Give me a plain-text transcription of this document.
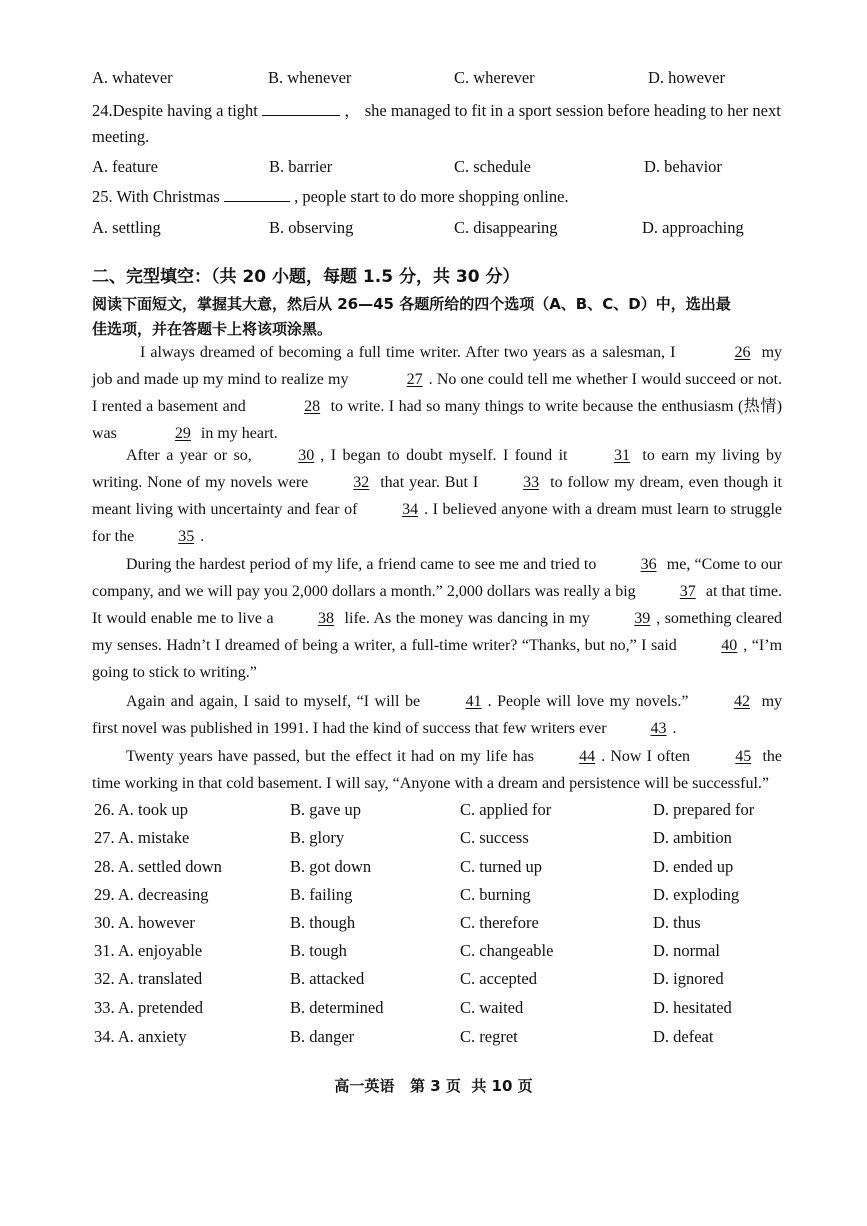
A. whatever	B. whenever	C. wherever	D. however
24.Despite having a tight	， she managed to fit in a sport session before heading to her next
meeting.
A. feature	B. barrier	C. schedule	D. behavior
25. With Christmas	, people start to do more shopping online.
A. settling	B. observing	C. disappearing	D. approaching
二、完型填空：（共 20 小题，每题 1.5 分，共 30 分）
阅读下面短文，掌握其大意，然后从 26—45 各题所给的四个选项（A、B、C、D）中，选出最
佳选项，并在答题卡上将该项涂黑。

I always dreamed of becoming a full time writer. After two years as a salesman, I	26 my job and made up my mind to realize my	27 . No one could tell me whether I would succeed or not. I rented a basement and	28 to write. I had so many things to write because the enthusiasm (热情) was	29 in my heart.

After a year or so,	30 , I began to doubt myself. I found it	31 to earn my living by writing. None of my novels were	32 that year. But I	33 to follow my dream, even though it meant living with uncertainty and fear of	34 . I believed anyone with a dream must learn to struggle for the	35 .

During the hardest period of my life, a friend came to see me and tried to	36 me, “Come to our company, and we will pay you 2,000 dollars a month.” 2,000 dollars was really a big	37 at that time. It would enable me to live a	38 life. As the money was dancing in my	39 , something cleared my senses. Hadn’t I dreamed of being a writer, a full-time writer? “Thanks, but no,” I said	40 , “I’m going to stick to writing.”

Again and again, I said to myself, “I will be	41 . People will love my novels.”	42 my first novel was published in 1991. I had the kind of success that few writers ever	43 .

Twenty years have passed, but the effect it had on my life has	44 . Now I often	45 the time working in that cold basement. I will say, “Anyone with a dream and persistence will be successful.”

26. A. took up	B. gave up	C. applied for	D. prepared for
27. A. mistake	B. glory	C. success	D. ambition
28. A. settled down	B. got down	C. turned up	D. ended up
29. A. decreasing	B. failing	C. burning	D. exploding
30. A. however	B. though	C. therefore	D. thus
31. A. enjoyable	B. tough	C. changeable	D. normal
32. A. translated	B. attacked	C. accepted	D. ignored
33. A. pretended	B. determined	C. waited	D. hesitated
34. A. anxiety	B. danger	C. regret	D. defeat
高一英语   第 3 页  共 10 页
